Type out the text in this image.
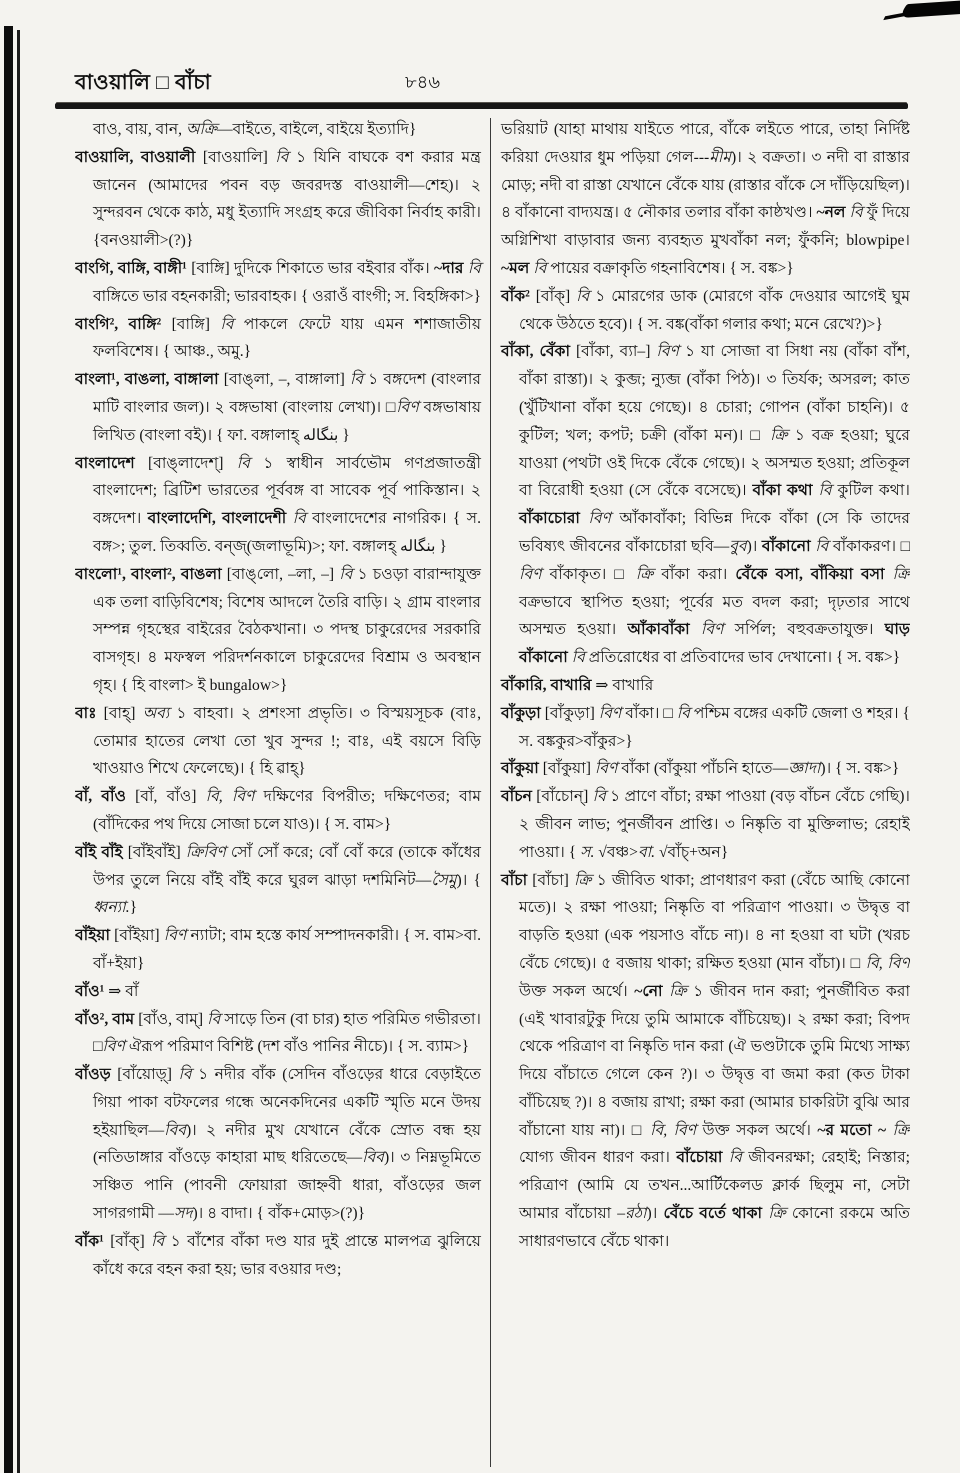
বাওয়ালি □ বাঁচা	৮৪৬

বাও, বায়, বান, অক্রি—বাইতে, বাইলে, বাইয়ে ইত্যাদি}

বাওয়ালি, বাওয়ালী [বাওয়ালি] বি ১ যিনি বাঘকে বশ করার মন্ত্র জানেন (আমাদের পবন বড় জবরদস্ত বাওয়ালী—শেহ)। ২ সুন্দরবন থেকে কাঠ, মধু ইত্যাদি সংগ্রহ করে জীবিকা নির্বাহ কারী। {বনওয়ালী>(?)}

বাংগি, বাঙ্গি, বাঙ্গী¹ [বাঙ্গি] দুদিকে শিকাতে ভার বইবার বাঁক। ~দার বি বাঙ্গিতে ভার বহনকারী; ভারবাহক। { ওরাওঁ বাংগী; স. বিহঙ্গিকা>}

বাংগি², বাঙ্গি² [বাঙ্গি] বি পাকলে ফেটে যায় এমন শশাজাতীয় ফলবিশেষ। { আঞ্চ., অমু.}

বাংলা¹, বাঙলা, বাঙ্গালা [বাঙ্‌লা, –, বাঙ্গালা] বি ১ বঙ্গদেশ (বাংলার মাটি বাংলার জল)। ২ বঙ্গভাষা (বাংলায় লেখা)। □বিণ বঙ্গভাষায় লিখিত (বাংলা বই)। { ফা. বঙ্গালাহ্‌ بنگاله }

বাংলাদেশ [বাঙ্‌লাদেশ্‌] বি ১ স্বাধীন সার্বভৌম গণপ্রজাতন্ত্রী বাংলাদেশ; ব্রিটিশ ভারতের পূর্ববঙ্গ বা সাবেক পূর্ব পাকিস্তান। ২ বঙ্গদেশ। বাংলাদেশি, বাংলাদেশী বি বাংলাদেশের নাগরিক। { স. বঙ্গ>; তুল. তিব্বতি. বন্‌জ্‌(জলাভূমি)>; ফা. বঙ্গালহ্‌ بنگاله }

বাংলো¹, বাংলা², বাঙলা [বাঙ্‌লো, –লা, –] বি ১ চওড়া বারান্দাযুক্ত এক তলা বাড়িবিশেষ; বিশেষ আদলে তৈরি বাড়ি। ২ গ্রাম বাংলার সম্পন্ন গৃহস্থের বাইরের বৈঠকখানা। ৩ পদস্থ চাকুরেদের সরকারি বাসগৃহ। ৪ মফস্বল পরিদর্শনকালে চাকুরেদের বিশ্রাম ও অবস্থান গৃহ। { হি বাংলা> ই bungalow>}

বাঃ [বাহ্‌] অব্য ১ বাহবা। ২ প্রশংসা প্রভৃতি। ৩ বিস্ময়সূচক (বাঃ, তোমার হাতের লেখা তো খুব সুন্দর !; বাঃ, এই বয়সে বিড়ি খাওয়াও শিখে ফেলেছে)। { হি ৱাহ্‌}

বাঁ, বাঁও [বাঁ, বাঁও] বি, বিণ দক্ষিণের বিপরীত; দক্ষিণেতর; বাম (বাঁদিকের পথ দিয়ে সোজা চলে যাও)। { স. বাম>}

বাঁই বাঁই [বাঁইবাঁই] ক্রিবিণ সোঁ সোঁ করে; বোঁ বোঁ করে (তাকে কাঁধের উপর তুলে নিয়ে বাঁই বাঁই করে ঘুরল ঝাড়া দশমিনিট—সৈমু)। { ধ্বন্যা.}

বাঁইয়া [বাঁইয়া] বিণ ন্যাটা; বাম হস্তে কার্য সম্পাদনকারী। { স. বাম>বা. বাঁ+ইয়া}

বাঁও¹ ⇒ বাঁ

বাঁও², বাম [বাঁও, বাম্‌] বি সাড়ে তিন (বা চার) হাত পরিমিত গভীরতা। □বিণ ঐরূপ পরিমাণ বিশিষ্ট (দশ বাঁও পানির নীচে)। { স. ব্যাম>}

বাঁওড় [বাঁয়োড়্‌] বি ১ নদীর বাঁক (সেদিন বাঁওড়ের ধারে বেড়াইতে গিয়া পাকা বটফলের গন্ধে অনেকদিনের একটি স্মৃতি মনে উদয় হইয়াছিল—বিব)। ২ নদীর মুখ যেখানে বেঁকে স্রোত বন্ধ হয় (নতিডাঙ্গার বাঁওড়ে কাহারা মাছ ধরিতেছে—বিব)। ৩ নিম্নভূমিতে সঞ্চিত পানি (পাবনী ফোয়ারা জাহ্নবী ধারা, বাঁওড়ের জল সাগরগামী —সদ)। ৪ বাদা। { বাঁক+মোড়>(?)}

বাঁক¹ [বাঁক্‌] বি ১ বাঁশের বাঁকা দণ্ড যার দুই প্রান্তে মালপত্র ঝুলিয়ে কাঁধে করে বহন করা হয়; ভার বওয়ার দণ্ড;

ভরিয়াট (যাহা মাথায় যাইতে পারে, বাঁকে লইতে পারে, তাহা নির্দিষ্ট করিয়া দেওয়ার ধুম পড়িয়া গেল---মীম)। ২ বক্রতা। ৩ নদী বা রাস্তার মোড়; নদী বা রাস্তা যেখানে বেঁকে যায় (রাস্তার বাঁকে সে দাঁড়িয়েছিল)। ৪ বাঁকানো বাদ্যযন্ত্র। ৫ নৌকার তলার বাঁকা কাষ্ঠখণ্ড। ~নল বি ফুঁ দিয়ে অগ্নিশিখা বাড়াবার জন্য ব্যবহৃত মুখবাঁকা নল; ফুঁকনি; blowpipe। ~মল বি পায়ের বক্রাকৃতি গহনাবিশেষ। { স. বঙ্ক>}

বাঁক² [বাঁক্‌] বি ১ মোরগের ডাক (মোরগে বাঁক দেওয়ার আগেই ঘুম থেকে উঠতে হবে)। { স. বঙ্ক(বাঁকা গলার কথা; মনে রেখে?)>}

বাঁকা, বেঁকা [বাঁকা, ব্যা–] বিণ ১ যা সোজা বা সিধা নয় (বাঁকা বাঁশ, বাঁকা রাস্তা)। ২ কুব্জ; ন্যুব্জ (বাঁকা পিঠ)। ৩ তির্যক; অসরল; কাত (খুঁটিখানা বাঁকা হয়ে গেছে)। ৪ চোরা; গোপন (বাঁকা চাহনি)। ৫ কুটিল; খল; কপট; চক্রী (বাঁকা মন)। □ ক্রি ১ বক্র হওয়া; ঘুরে যাওয়া (পথটা ওই দিকে বেঁকে গেছে)। ২ অসম্মত হওয়া; প্রতিকূল বা বিরোধী হওয়া (সে বেঁকে বসেছে)। বাঁকা কথা বি কুটিল কথা। বাঁকাচোরা বিণ আঁকাবাঁকা; বিভিন্ন দিকে বাঁকা (সে কি তাদের ভবিষ্যৎ জীবনের বাঁকাচোরা ছবি—বুব)। বাঁকানো বি বাঁকাকরণ। □ বিণ বাঁকাকৃত। □ ক্রি বাঁকা করা। বেঁকে বসা, বাঁকিয়া বসা ক্রি বক্রভাবে স্থাপিত হওয়া; পূর্বের মত বদল করা; দৃঢ়তার সাথে অসম্মত হওয়া। আঁকাবাঁকা বিণ সর্পিল; বহুবক্রতাযুক্ত। ঘাড় বাঁকানো বি প্রতিরোধের বা প্রতিবাদের ভাব দেখানো। { স. বঙ্ক>}

বাঁকারি, বাখারি ⇒ বাখারি

বাঁকুড়া [বাঁকুড়া] বিণ বাঁকা। □ বি পশ্চিম বঙ্গের একটি জেলা ও শহর। { স. বঙ্ককুর>বাঁকুর>}

বাঁকুয়া [বাঁকুয়া] বিণ বাঁকা (বাঁকুয়া পাঁচনি হাতে—জ্ঞাদা)। { স. বঙ্ক>}

বাঁচন [বাঁচোন্‌] বি ১ প্রাণে বাঁচা; রক্ষা পাওয়া (বড় বাঁচন বেঁচে গেছি)। ২ জীবন লাভ; পুনর্জীবন প্রাপ্তি। ৩ নিষ্কৃতি বা মুক্তিলাভ; রেহাই পাওয়া। { স. √বঞ্চ>বা. √বাঁচ্‌+অন}

বাঁচা [বাঁচা] ক্রি ১ জীবিত থাকা; প্রাণধারণ করা (বেঁচে আছি কোনো মতে)। ২ রক্ষা পাওয়া; নিষ্কৃতি বা পরিত্রাণ পাওয়া। ৩ উদ্বৃত্ত বা বাড়তি হওয়া (এক পয়সাও বাঁচে না)। ৪ না হওয়া বা ঘটা (খরচ বেঁচে গেছে)। ৫ বজায় থাকা; রক্ষিত হওয়া (মান বাঁচা)। □ বি, বিণ উক্ত সকল অর্থে। ~নো ক্রি ১ জীবন দান করা; পুনর্জীবিত করা (এই খাবারটুকু দিয়ে তুমি আমাকে বাঁচিয়েছ)। ২ রক্ষা করা; বিপদ থেকে পরিত্রাণ বা নিষ্কৃতি দান করা (ঐ ভণ্ডটাকে তুমি মিথ্যে সাক্ষ্য দিয়ে বাঁচাতে গেলে কেন ?)। ৩ উদ্বৃত্ত বা জমা করা (কত টাকা বাঁচিয়েছ ?)। ৪ বজায় রাখা; রক্ষা করা (আমার চাকরিটা বুঝি আর বাঁচানো যায় না)। □ বি, বিণ উক্ত সকল অর্থে। ~র মতো ~ ক্রি যোগ্য জীবন ধারণ করা। বাঁচোয়া বি জীবনরক্ষা; রেহাই; নিস্তার; পরিত্রাণ (আমি যে তখন...আর্টিকেলড ক্লার্ক ছিলুম না, সেটা আমার বাঁচোয়া –রঠা)। বেঁচে বর্তে থাকা ক্রি কোনো রকমে অতি সাধারণভাবে বেঁচে থাকা।
